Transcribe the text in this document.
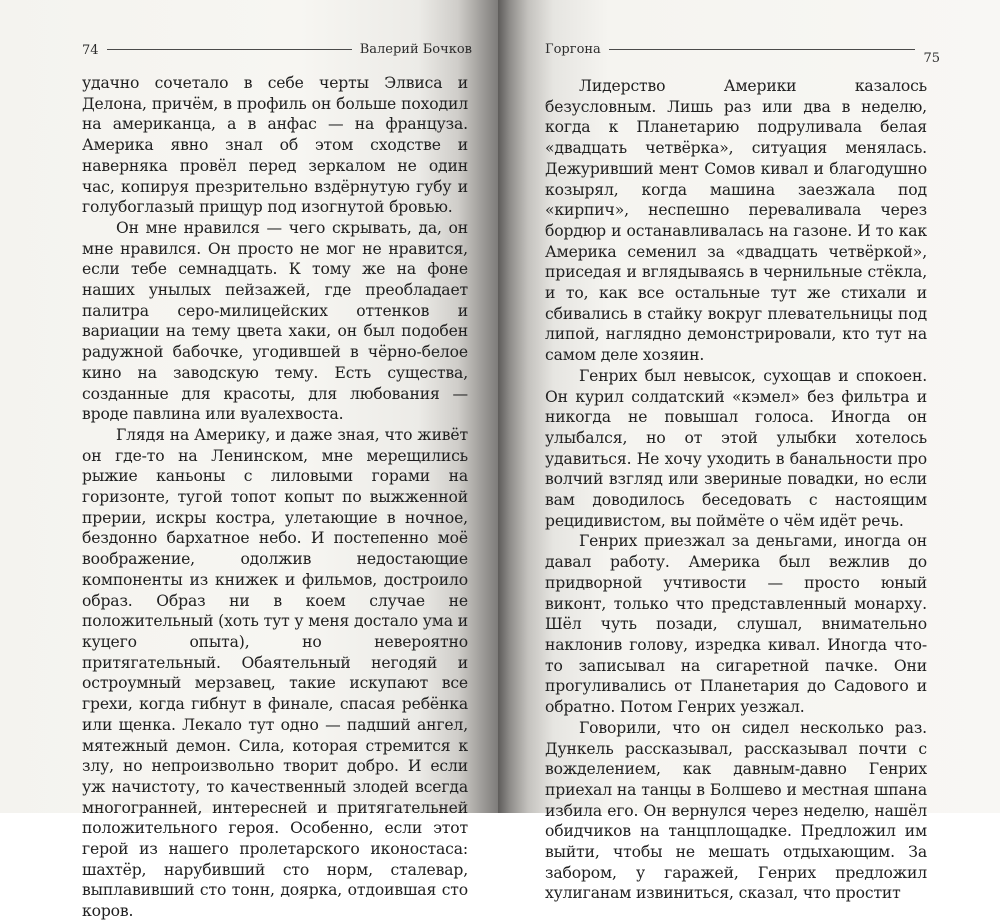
74	Валерий Бочков

удачно сочетало в себе черты Элвиса и Делона, причём, в профиль он больше походил на американца, а в анфас — на француза. Америка явно знал об этом сходстве и наверняка провёл перед зеркалом не один час, копируя презрительно вздёрнутую губу и голубоглазый прищур под изогнутой бровью.

Он мне нравился — чего скрывать, да, он мне нравился. Он просто не мог не нравится, если тебе семнадцать. К тому же на фоне наших унылых пейзажей, где преобладает палитра серо-милицейских оттенков и вариации на тему цвета хаки, он был подобен радужной бабочке, угодившей в чёрно-белое кино на заводскую тему. Есть существа, созданные для красоты, для любования — вроде павлина или вуалехвоста.

Глядя на Америку, и даже зная, что живёт он где-то на Ленинском, мне мерещились рыжие каньоны с лиловыми горами на горизонте, тугой топот копыт по выжженной прерии, искры костра, улетающие в ночное, бездонно бархатное небо. И постепенно моё воображение, одолжив недостающие компоненты из книжек и фильмов, достроило образ. Образ ни в коем случае не положительный (хоть тут у меня достало ума и куцего опыта), но невероятно притягательный. Обаятельный негодяй и остроумный мерзавец, такие искупают все грехи, когда гибнут в финале, спасая ребёнка или щенка. Лекало тут одно — падший ангел, мятежный демон. Сила, которая стремится к злу, но непроизвольно творит добро. И если уж начистоту, то качественный злодей всегда многогранней, интересней и притягательней положительного героя. Особенно, если этот герой из нашего пролетарского иконостаса: шахтёр, нарубивший сто норм, сталевар, выплавивший сто тонн, доярка, отдоившая сто коров.

Горгона
75

Лидерство Америки казалось безусловным. Лишь раз или два в неделю, когда к Планетарию подруливала белая «двадцать четвёрка», ситуация менялась. Дежуривший мент Сомов кивал и благодушно козырял, когда машина заезжала под «кирпич», неспешно переваливала через бордюр и останавливалась на газоне. И то как Америка семенил за «двадцать четвёркой», приседая и вглядываясь в чернильные стёкла, и то, как все остальные тут же стихали и сбивались в стайку вокруг плевательницы под липой, наглядно демонстрировали, кто тут на самом деле хозяин.

Генрих был невысок, сухощав и спокоен. Он курил солдатский «кэмел» без фильтра и никогда не повышал голоса. Иногда он улыбался, но от этой улыбки хотелось удавиться. Не хочу уходить в банальности про волчий взгляд или звериные повадки, но если вам доводилось беседовать с настоящим рецидивистом, вы поймёте о чём идёт речь.

Генрих приезжал за деньгами, иногда он давал работу. Америка был вежлив до придворной учтивости — просто юный виконт, только что представленный монарху. Шёл чуть позади, слушал, внимательно наклонив голову, изредка кивал. Иногда что-то записывал на сигаретной пачке. Они прогуливались от Планетария до Садового и обратно. Потом Генрих уезжал.

Говорили, что он сидел несколько раз. Дункель рассказывал, рассказывал почти с вожделением, как давным-давно Генрих приехал на танцы в Болшево и местная шпана избила его. Он вернулся через неделю, нашёл обидчиков на танцплощадке. Предложил им выйти, чтобы не мешать отдыхающим. За забором, у гаражей, Генрих предложил хулиганам извиниться, сказал, что простит
